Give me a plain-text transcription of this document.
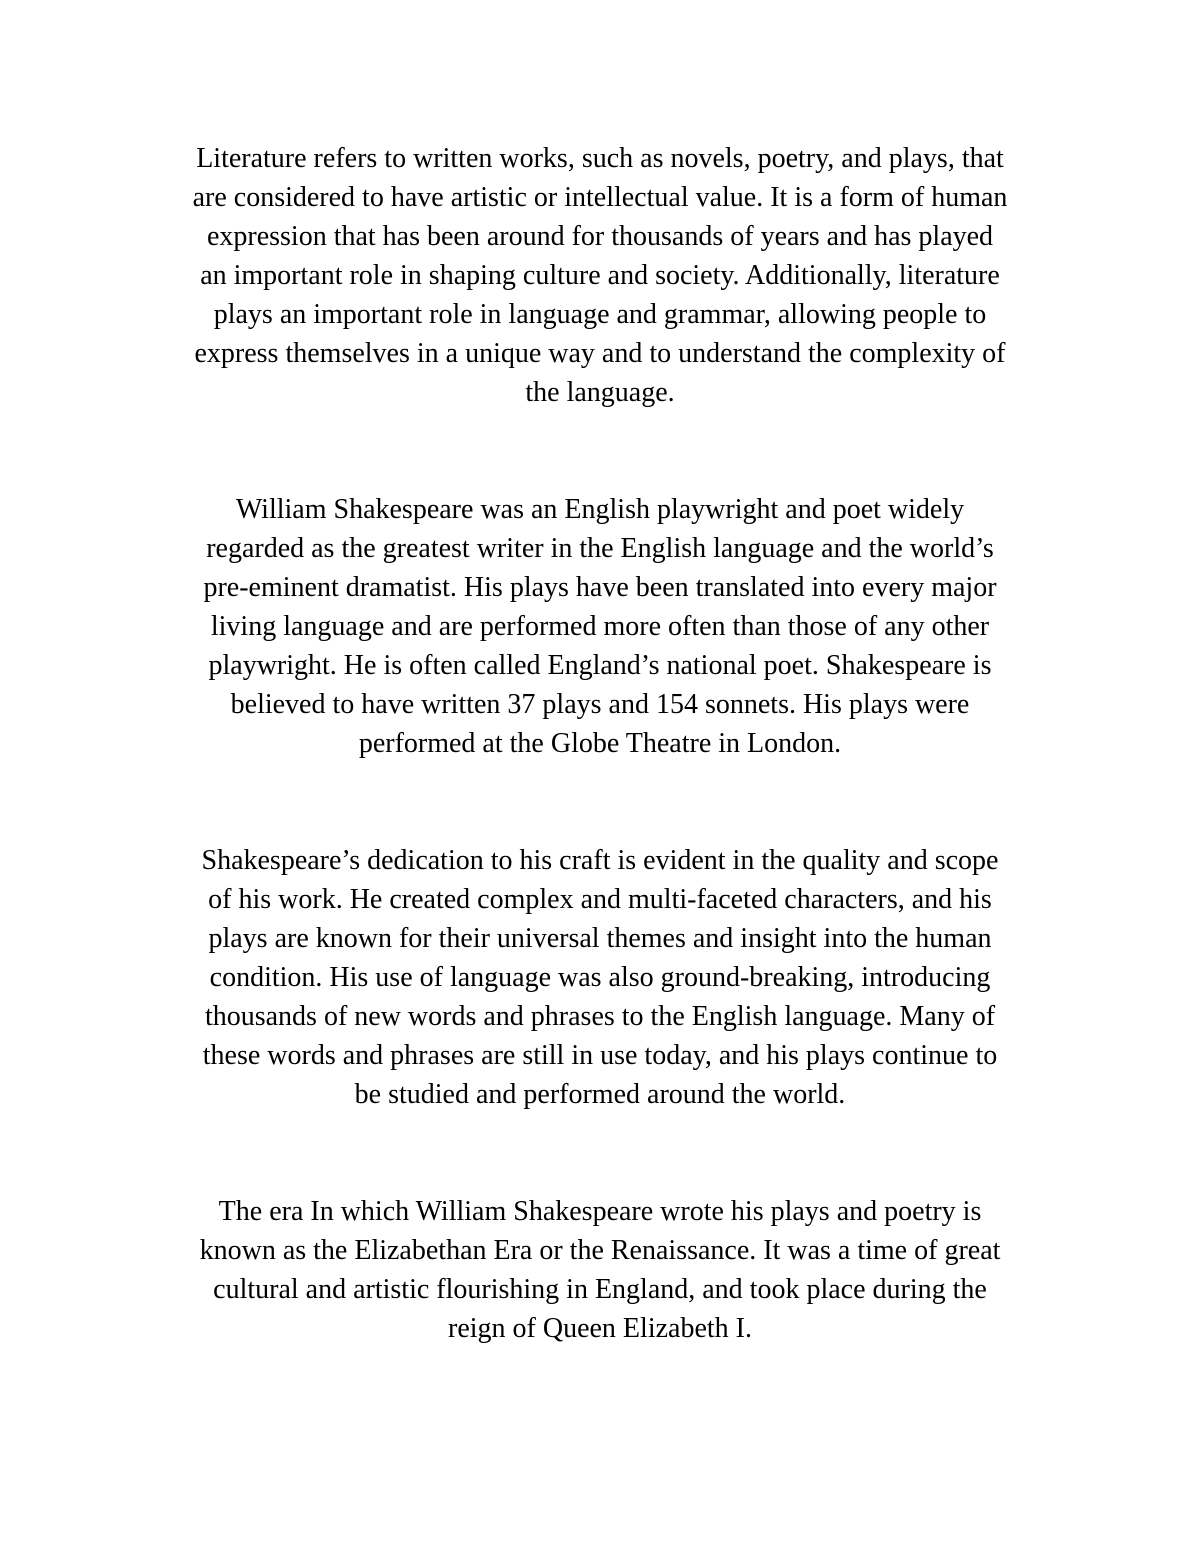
Literature refers to written works, such as novels, poetry, and plays, that
are considered to have artistic or intellectual value. It is a form of human
expression that has been around for thousands of years and has played
an important role in shaping culture and society. Additionally, literature
plays an important role in language and grammar, allowing people to
express themselves in a unique way and to understand the complexity of
the language.

William Shakespeare was an English playwright and poet widely
regarded as the greatest writer in the English language and the world’s
pre-eminent dramatist. His plays have been translated into every major
living language and are performed more often than those of any other
playwright. He is often called England’s national poet. Shakespeare is
believed to have written 37 plays and 154 sonnets. His plays were
performed at the Globe Theatre in London.

Shakespeare’s dedication to his craft is evident in the quality and scope
of his work. He created complex and multi-faceted characters, and his
plays are known for their universal themes and insight into the human
condition. His use of language was also ground-breaking, introducing
thousands of new words and phrases to the English language. Many of
these words and phrases are still in use today, and his plays continue to
be studied and performed around the world.

The era In which William Shakespeare wrote his plays and poetry is
known as the Elizabethan Era or the Renaissance. It was a time of great
cultural and artistic flourishing in England, and took place during the
reign of Queen Elizabeth I.
